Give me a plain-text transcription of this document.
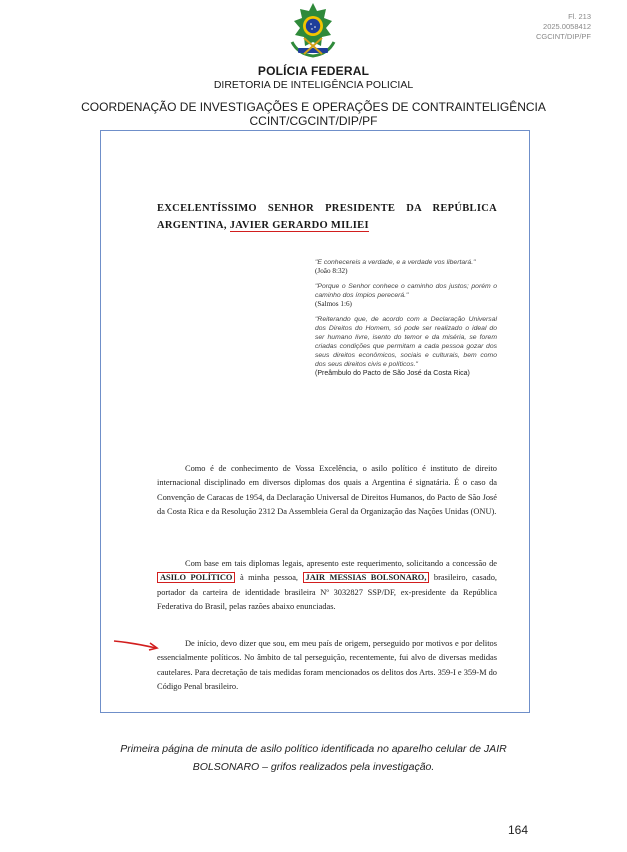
Fl. 213
2025.0058412
CGCINT/DIP/PF
POLÍCIA FEDERAL
DIRETORIA DE INTELIGÊNCIA POLICIAL
COORDENAÇÃO DE INVESTIGAÇÕES E OPERAÇÕES DE CONTRAINTELIGÊNCIA
CCINT/CGCINT/DIP/PF
EXCELENTÍSSIMO SENHOR PRESIDENTE DA REPÚBLICA
ARGENTINA, JAVIER GERARDO MILIEI
"E conhecereis a verdade, e a verdade vos libertará."
(João 8:32)
"Porque o Senhor conhece o caminho dos justos; porém o caminho dos ímpios perecerá."
(Salmos 1:6)
"Reiterando que, de acordo com a Declaração Universal dos Direitos do Homem, só pode ser realizado o ideal do ser humano livre, isento do temor e da miséria, se forem criadas condições que permitam a cada pessoa gozar dos seus direitos econômicos, sociais e culturais, bem como dos seus direitos civis e políticos."
(Preâmbulo do Pacto de São José da Costa Rica)
Como é de conhecimento de Vossa Excelência, o asilo político é instituto de direito internacional disciplinado em diversos diplomas dos quais a Argentina é signatária. É o caso da Convenção de Caracas de 1954, da Declaração Universal de Direitos Humanos, do Pacto de São José da Costa Rica e da Resolução 2312 Da Assembleia Geral da Organização das Nações Unidas (ONU).
Com base em tais diplomas legais, apresento este requerimento, solicitando a concessão de ASILO POLÍTICO à minha pessoa, JAIR MESSIAS BOLSONARO, brasileiro, casado, portador da carteira de identidade brasileira Nº 3032827 SSP/DF, ex-presidente da República Federativa do Brasil, pelas razões abaixo enunciadas.
De início, devo dizer que sou, em meu país de origem, perseguido por motivos e por delitos essencialmente políticos. No âmbito de tal perseguição, recentemente, fui alvo de diversas medidas cautelares. Para decretação de tais medidas foram mencionados os delitos dos Arts. 359-I e 359-M do Código Penal brasileiro.
Primeira página de minuta de asilo político identificada no aparelho celular de JAIR
BOLSONARO – grifos realizados pela investigação.
164
